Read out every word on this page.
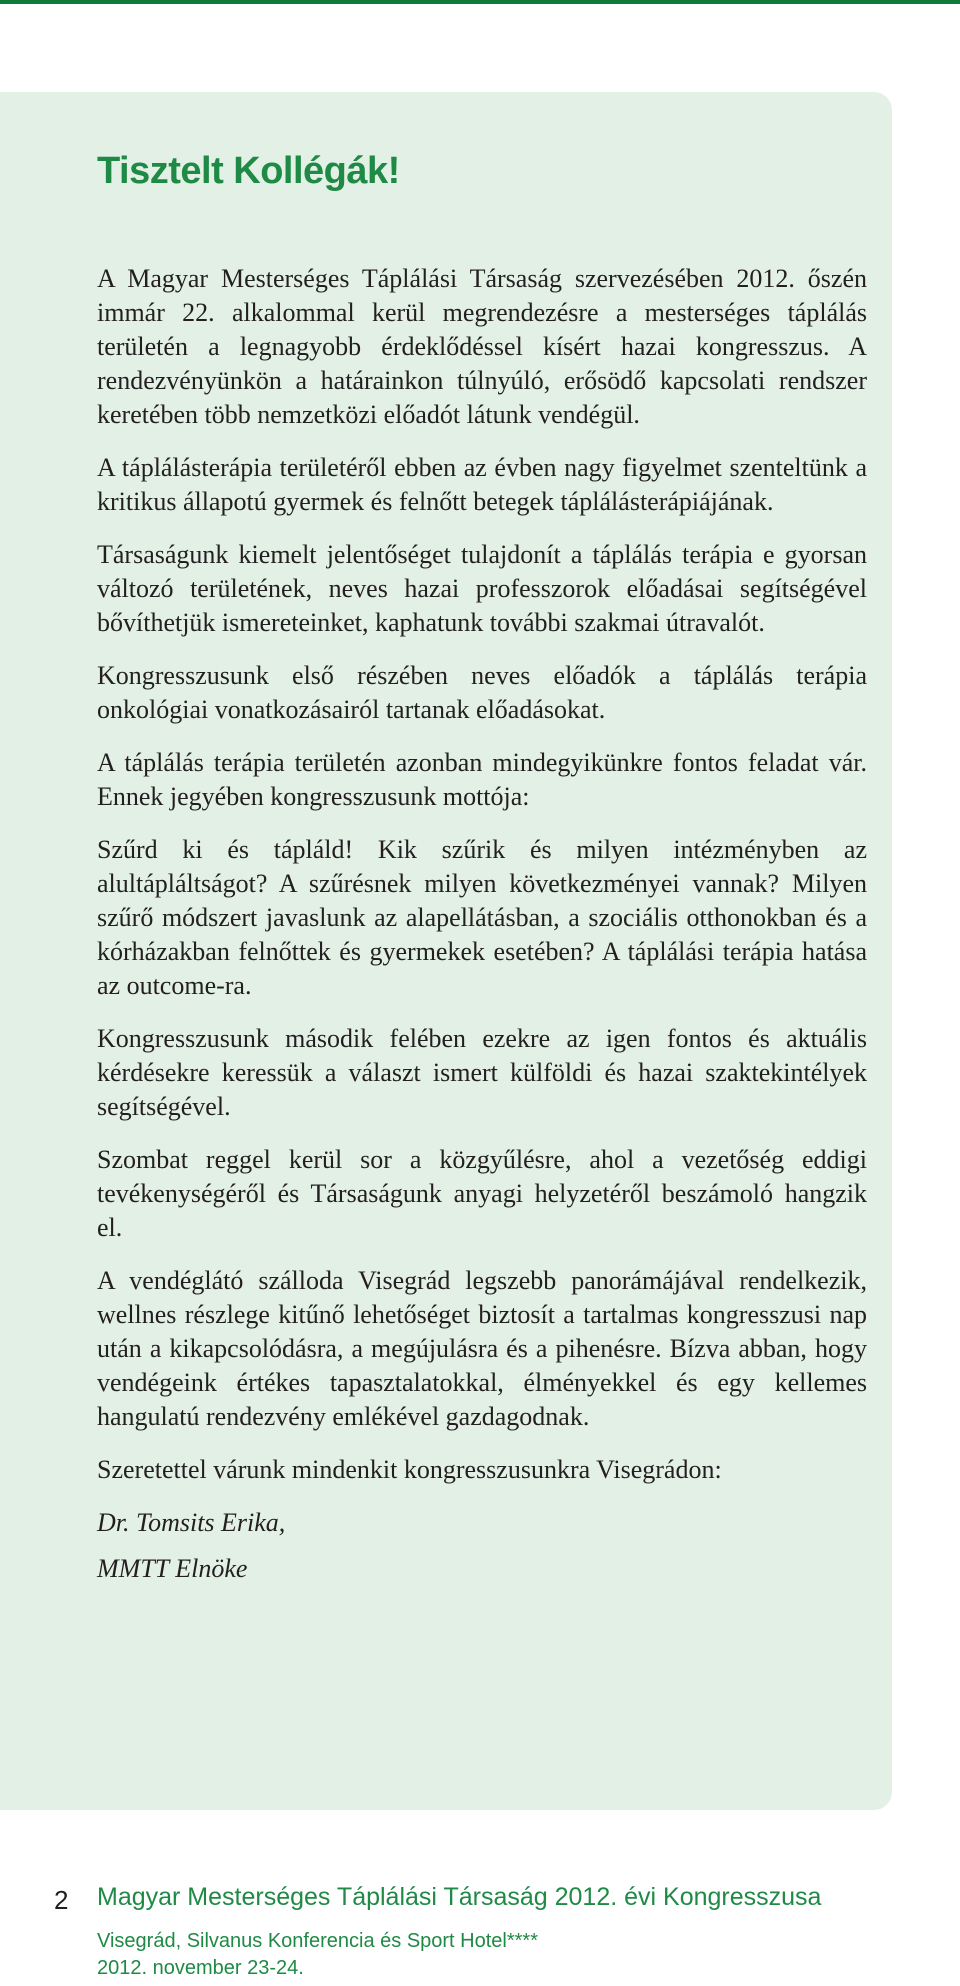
Tisztelt Kollégák!

A Magyar Mesterséges Táplálási Társaság szervezésében 2012. őszén immár 22. alkalommal kerül megrendezésre a mesterséges táplálás területén a legnagyobb érdeklődéssel kísért hazai kongresszus. A rendezvényünkön a határainkon túlnyúló, erősödő kapcsolati rendszer keretében több nemzetközi előadót látunk vendégül.

A táplálásterápia területéről ebben az évben nagy figyelmet szenteltünk a kritikus állapotú gyermek és felnőtt betegek táplálásterápiájának.

Társaságunk kiemelt jelentőséget tulajdonít a táplálás terápia e gyorsan változó területének, neves hazai professzorok előadásai segítségével bővíthetjük ismereteinket, kaphatunk további szakmai útravalót.

Kongresszusunk első részében neves előadók a táplálás terápia onkológiai vonatkozásairól tartanak előadásokat.

A táplálás terápia területén azonban mindegyikünkre fontos feladat vár. Ennek jegyében kongresszusunk mottója:

Szűrd ki és tápláld! Kik szűrik és milyen intézményben az alultápláltságot? A szűrésnek milyen következményei vannak? Milyen szűrő módszert javaslunk az alapellátásban, a szociális otthonokban és a kórházakban felnőttek és gyermekek esetében? A táplálási terápia hatása az outcome-ra.

Kongresszusunk második felében ezekre az igen fontos és aktuális kérdésekre keressük a választ ismert külföldi és hazai szaktekintélyek segítségével.

Szombat reggel kerül sor a közgyűlésre, ahol a vezetőség eddigi tevékenységéről és Társaságunk anyagi helyzetéről beszámoló hangzik el.

A vendéglátó szálloda Visegrád legszebb panorámájával rendelkezik, wellnes részlege kitűnő lehetőséget biztosít a tartalmas kongresszusi nap után a kikapcsolódásra, a megújulásra és a pihenésre. Bízva abban, hogy vendégeink értékes tapasztalatokkal, élményekkel és egy kellemes hangulatú rendezvény emlékével gazdagodnak.

Szeretettel várunk mindenkit kongresszusunkra Visegrádon:

Dr. Tomsits Erika,

MMTT Elnöke

2 Magyar Mesterséges Táplálási Társaság 2012. évi Kongresszusa
Visegrád, Silvanus Konferencia és Sport Hotel****
2012. november 23-24.
